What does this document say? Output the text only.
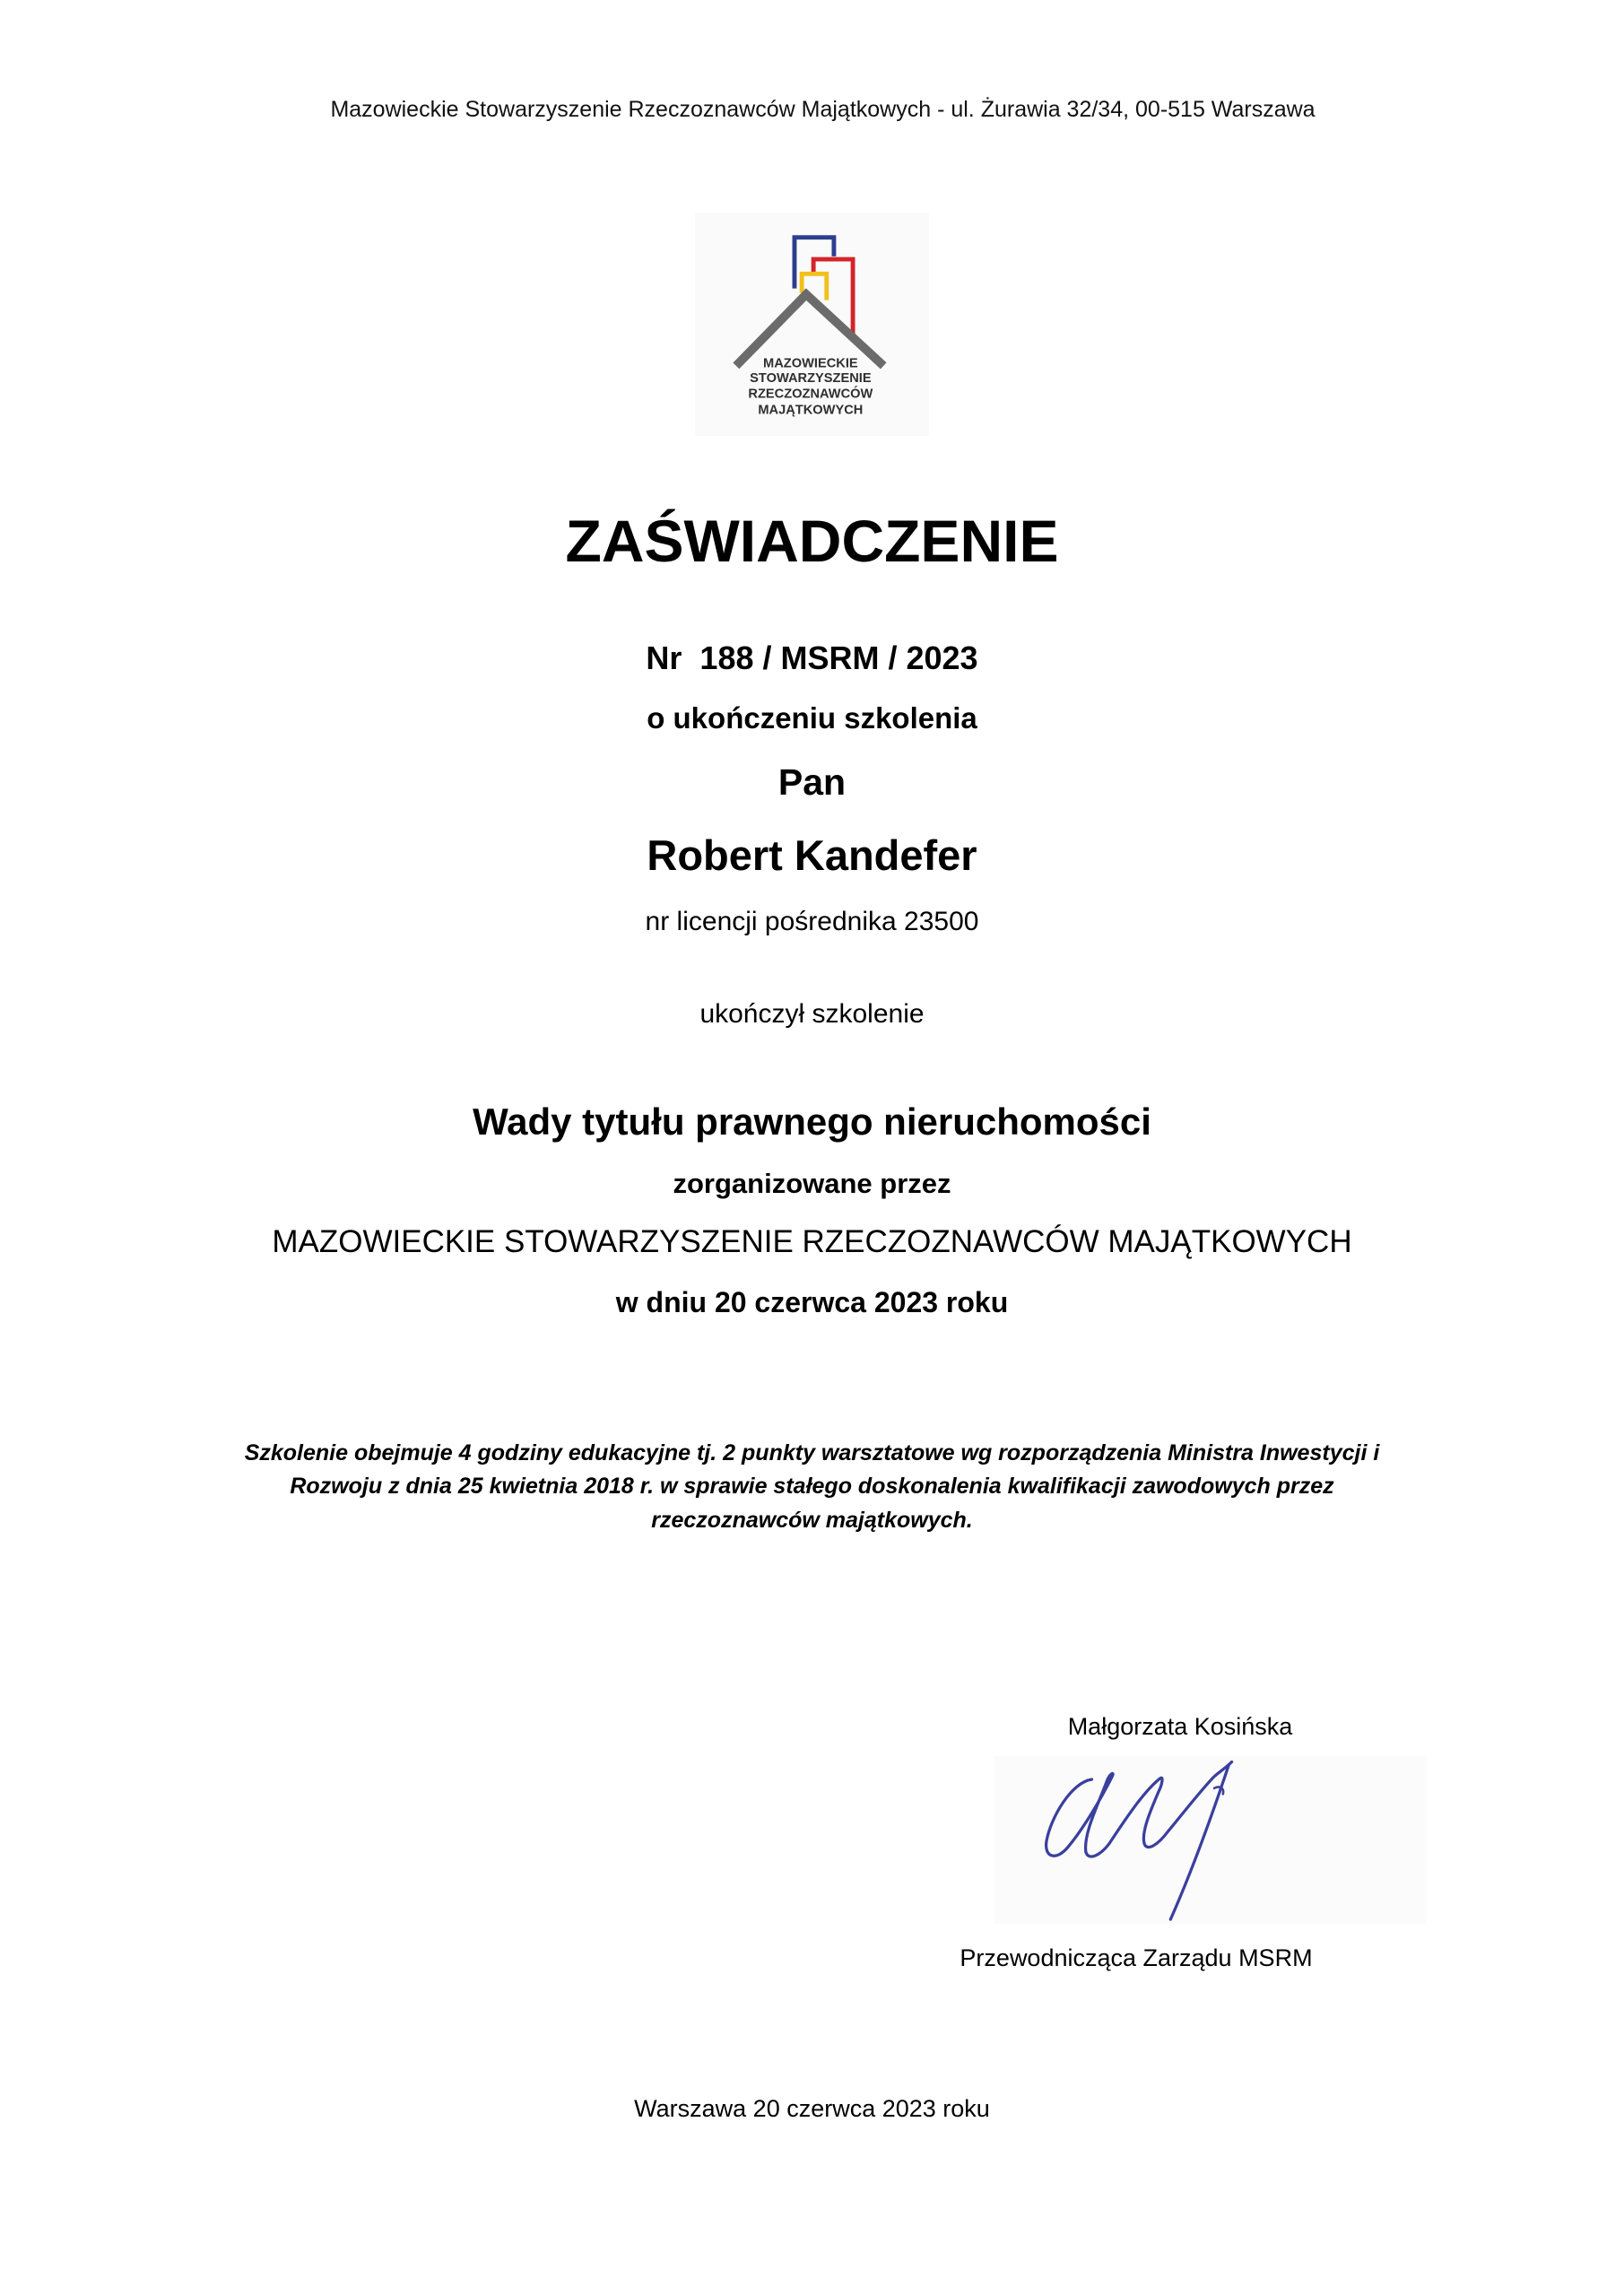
Mazowieckie Stowarzyszenie Rzeczoznawców Majątkowych - ul. Żurawia 32/34, 00-515 Warszawa
MAZOWIECKIE
STOWARZYSZENIE
RZECZOZNAWCÓW
MAJĄTKOWYCH
ZAŚWIADCZENIE
Nr  188 / MSRM / 2023
o ukończeniu szkolenia
Pan
Robert Kandefer
nr licencji pośrednika 23500
ukończył szkolenie
Wady tytułu prawnego nieruchomości
zorganizowane przez
MAZOWIECKIE STOWARZYSZENIE RZECZOZNAWCÓW MAJĄTKOWYCH
w dniu 20 czerwca 2023 roku
Szkolenie obejmuje 4 godziny edukacyjne tj. 2 punkty warsztatowe wg rozporządzenia Ministra Inwestycji i
Rozwoju z dnia 25 kwietnia 2018 r. w sprawie stałego doskonalenia kwalifikacji zawodowych przez
rzeczoznawców majątkowych.
Małgorzata Kosińska
Przewodnicząca Zarządu MSRM
Warszawa 20 czerwca 2023 roku
